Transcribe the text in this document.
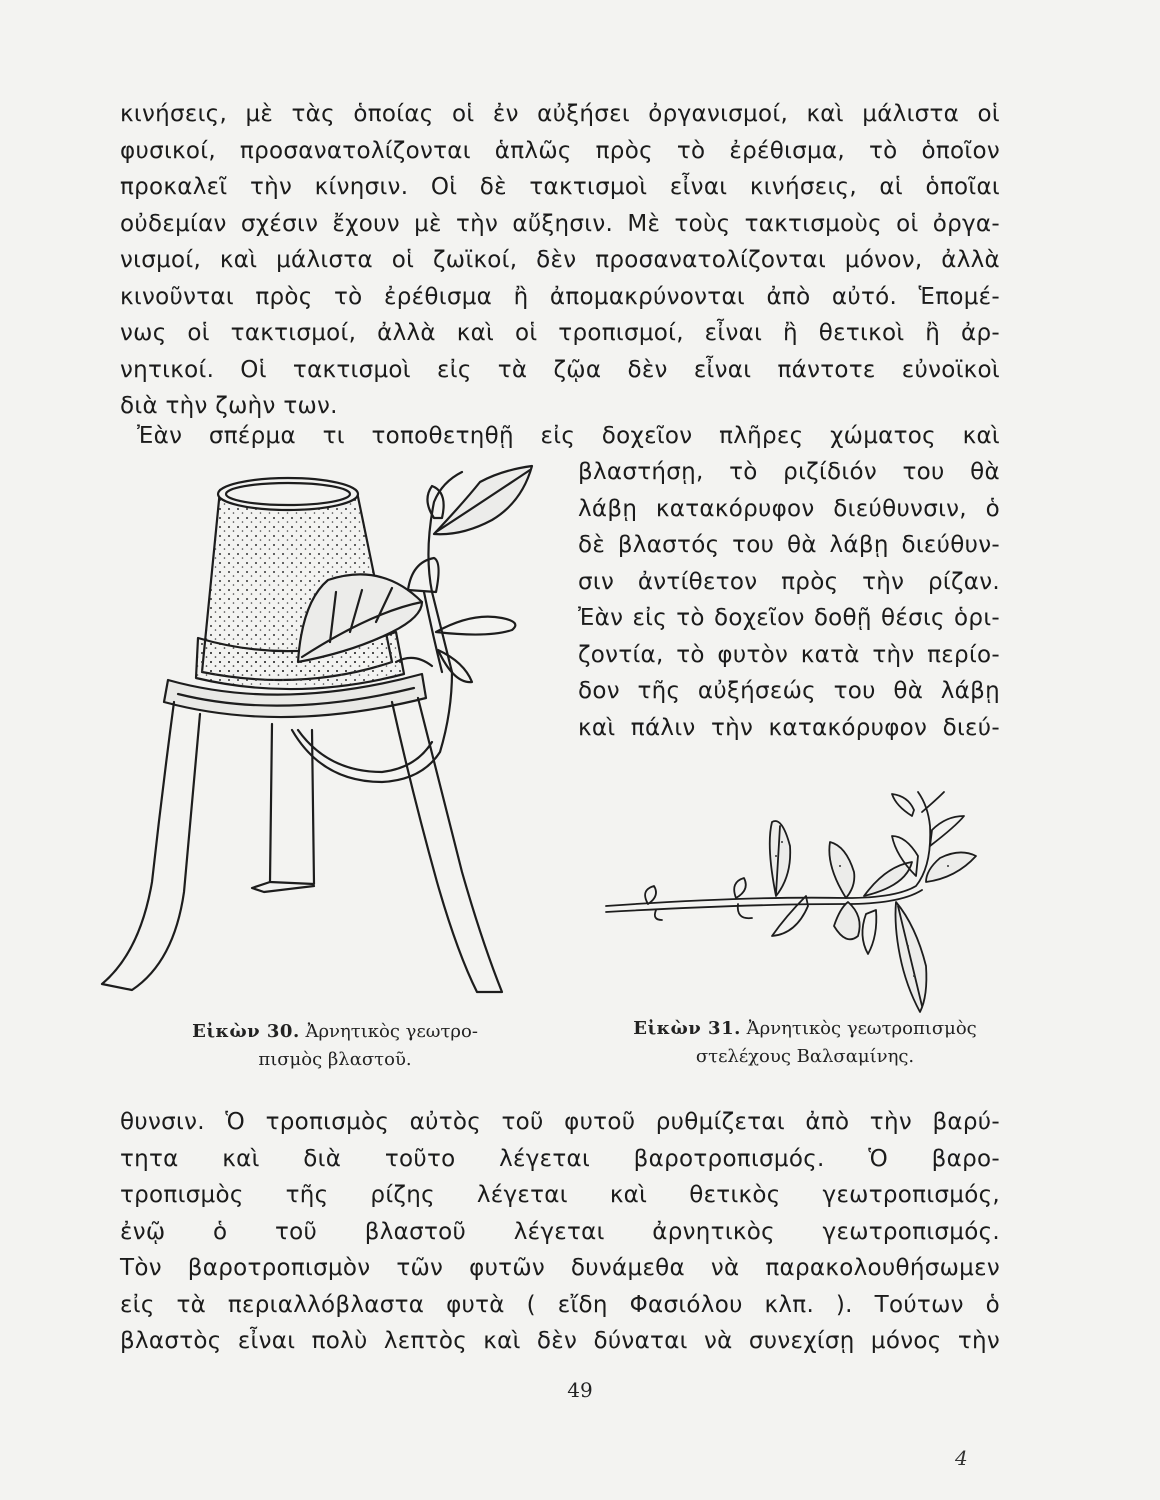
κινήσεις, μὲ τὰς ὁποίας οἱ ἐν αὐξήσει ὀργανισμοί, καὶ μάλιστα οἱ
φυσικοί, προσανατολίζονται ἁπλῶς πρὸς τὸ ἐρέθισμα, τὸ ὁποῖον
προκαλεῖ τὴν κίνησιν. Οἱ δὲ τακτισμοὶ εἶναι κινήσεις, αἱ ὁποῖαι
οὐδεμίαν σχέσιν ἔχουν μὲ τὴν αὔξησιν. Μὲ τοὺς τακτισμοὺς οἱ ὀργα-
νισμοί, καὶ μάλιστα οἱ ζωϊκοί, δὲν προσανατολίζονται μόνον, ἀλλὰ
κινοῦνται πρὸς τὸ ἐρέθισμα ἢ ἀπομακρύνονται ἀπὸ αὐτό. Ἑπομέ-
νως οἱ τακτισμοί, ἀλλὰ καὶ οἱ τροπισμοί, εἶναι ἢ θετικοὶ ἢ ἀρ-
νητικοί. Οἱ τακτισμοὶ εἰς τὰ ζῷα δὲν εἶναι πάντοτε εὐνοϊκοὶ
διὰ τὴν ζωὴν των.
Ἐὰν σπέρμα τι τοποθετηθῇ εἰς δοχεῖον πλῆρες χώματος καὶ
βλαστήσῃ, τὸ ριζίδιόν του θὰ
λάβῃ κατακόρυφον διεύθυνσιν, ὁ
δὲ βλαστός του θὰ λάβῃ διεύθυν-
σιν ἀντίθετον πρὸς τὴν ρίζαν.
Ἐὰν εἰς τὸ δοχεῖον δοθῇ θέσις ὁρι-
ζοντία, τὸ φυτὸν κατὰ τὴν περίο-
δον τῆς αὐξήσεώς του θὰ λάβῃ
καὶ πάλιν τὴν κατακόρυφον διεύ-
Εἰκὼν 30. Ἀρνητικὸς γεωτρο-
πισμὸς βλαστοῦ.
Εἰκὼν 31. Ἀρνητικὸς γεωτροπισμὸς
στελέχους Βαλσαμίνης.
θυνσιν. Ὁ τροπισμὸς αὐτὸς τοῦ φυτοῦ ρυθμίζεται ἀπὸ τὴν βαρύ-
τητα καὶ διὰ τοῦτο λέγεται βαροτροπισμός. Ὁ βαρο-
τροπισμὸς τῆς ρίζης λέγεται καὶ θετικὸς γεωτροπισμός,
ἐνῷ ὁ τοῦ βλαστοῦ λέγεται ἀρνητικὸς γεωτροπισμός.
Τὸν βαροτροπισμὸν τῶν φυτῶν δυνάμεθα νὰ παρακολουθήσωμεν
εἰς τὰ περιαλλόβλαστα φυτὰ ( εἴδη Φασιόλου κλπ. ). Τούτων ὁ
βλαστὸς εἶναι πολὺ λεπτὸς καὶ δὲν δύναται νὰ συνεχίσῃ μόνος τὴν
49
4
